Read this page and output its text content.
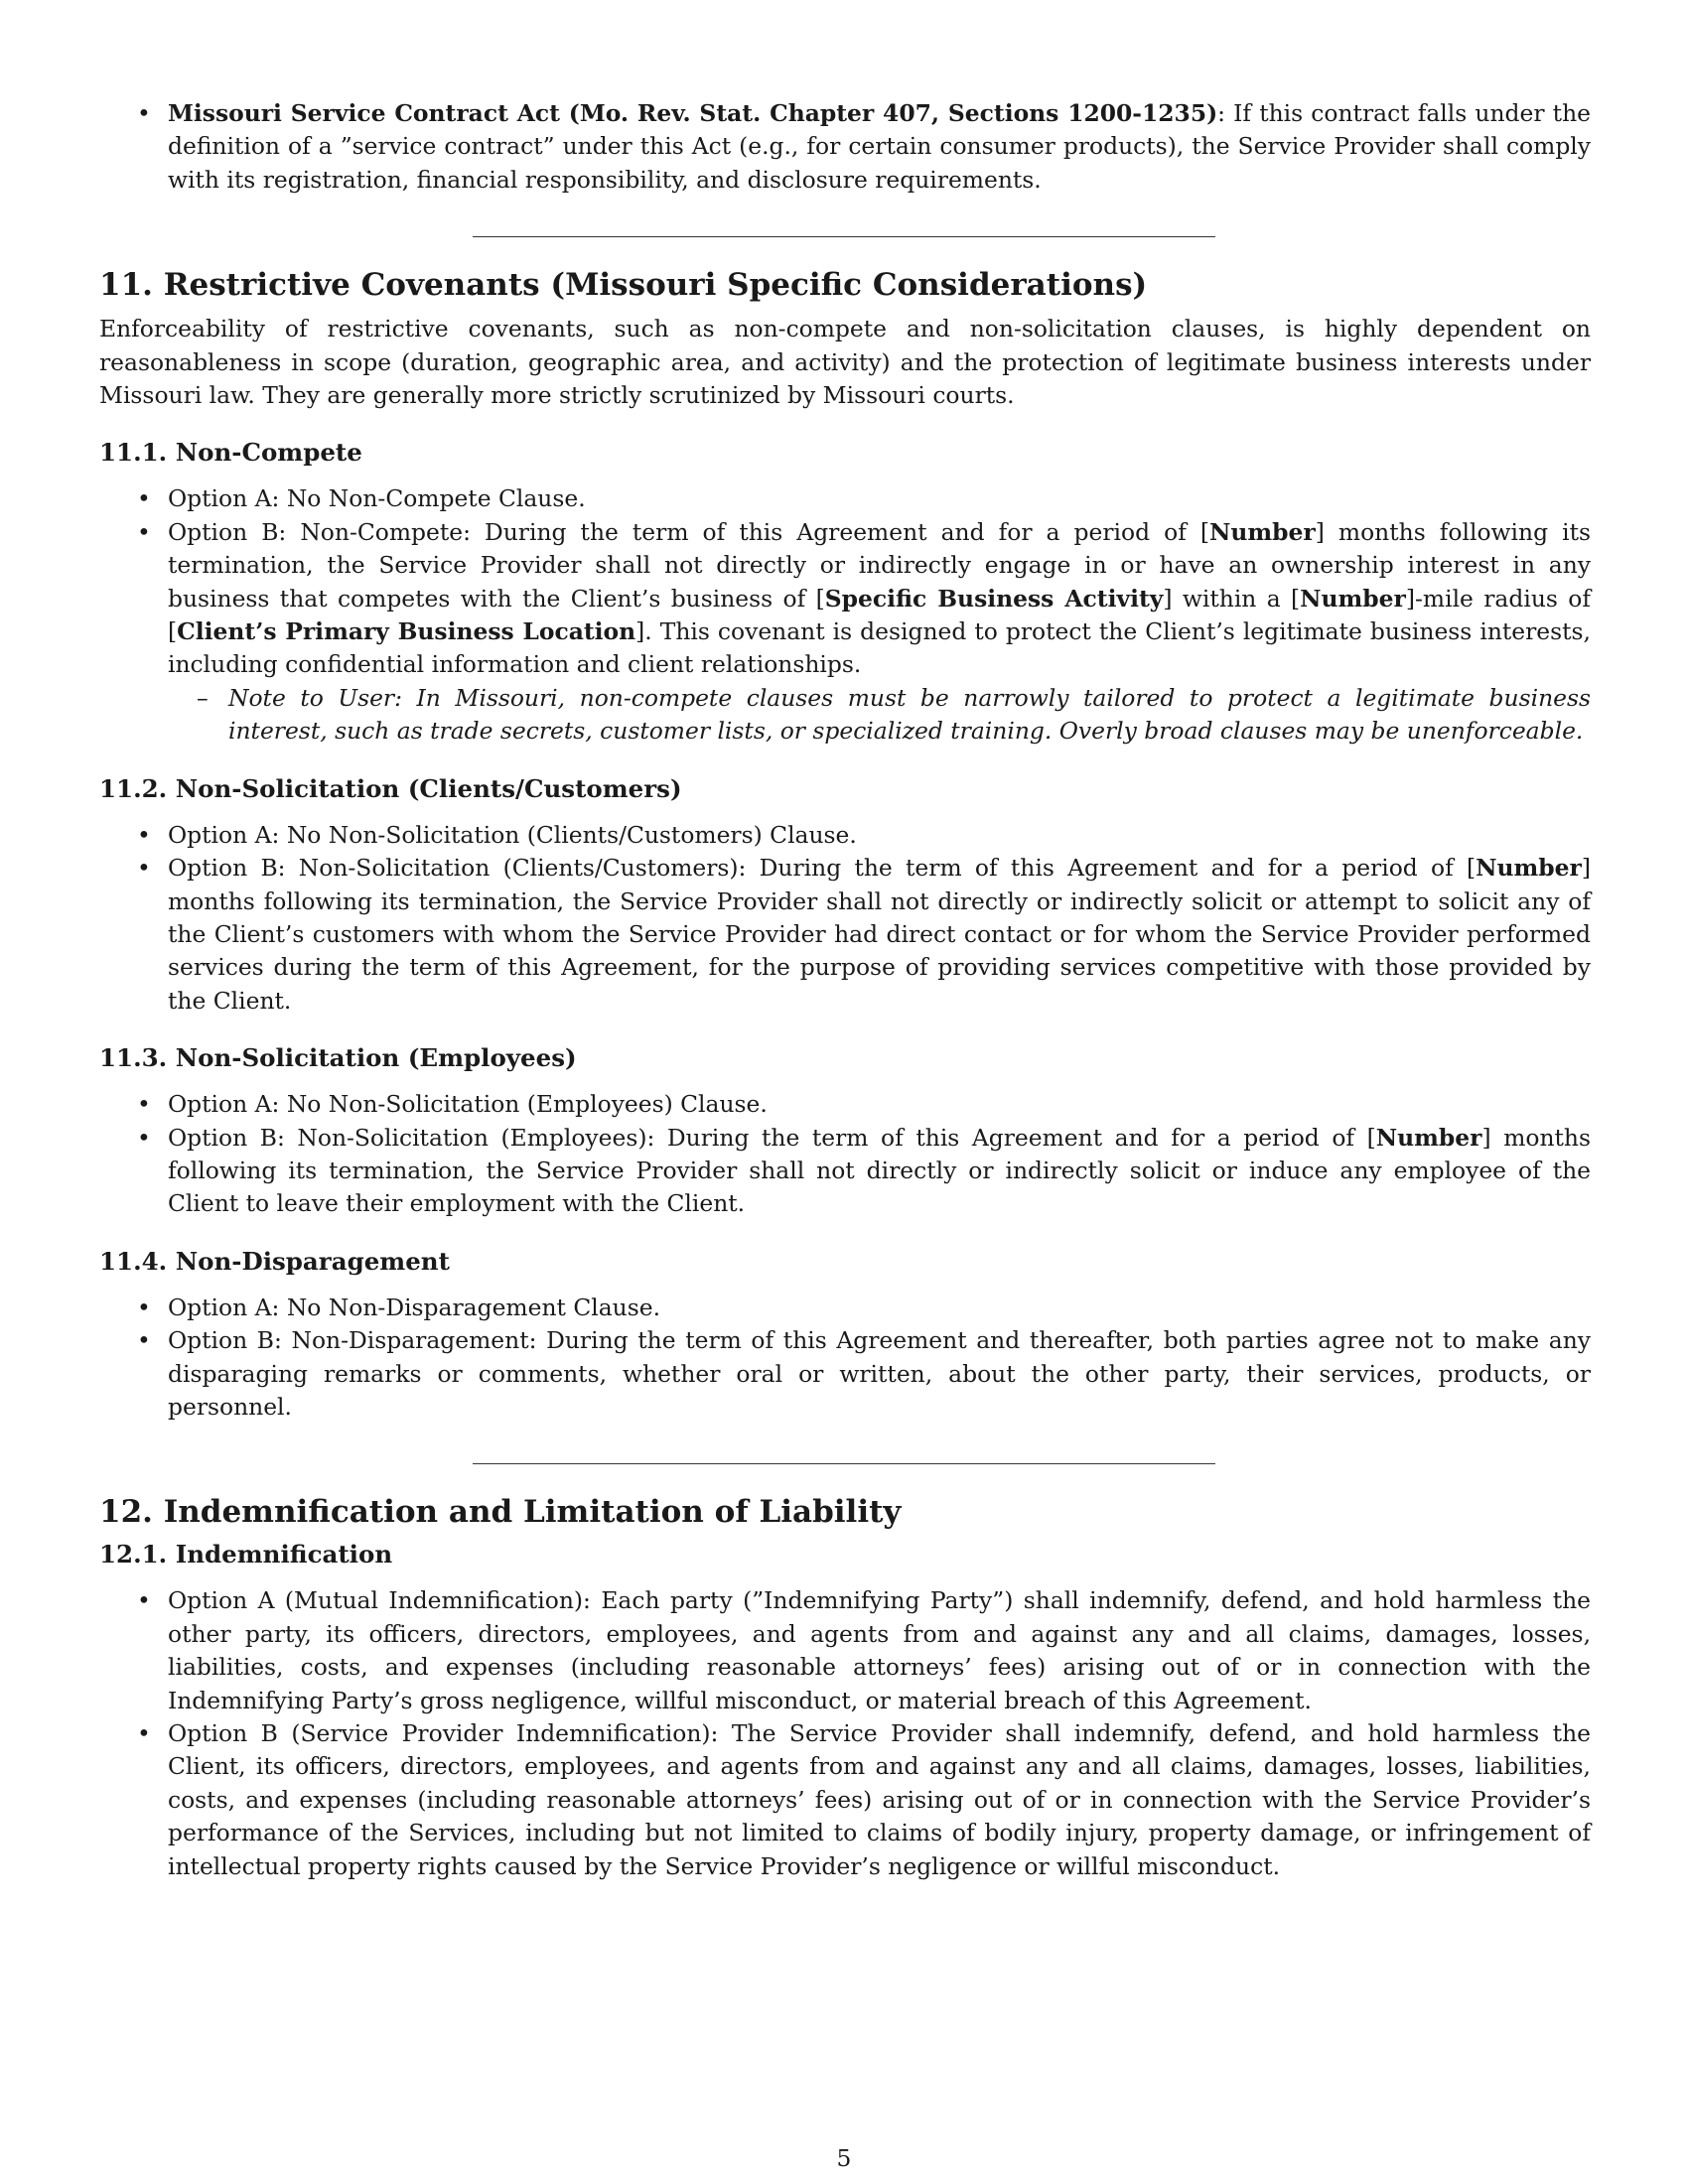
• Missouri Service Contract Act (Mo. Rev. Stat. Chapter 407, Sections 1200-1235): If this contract falls under the definition of a ”service contract” under this Act (e.g., for certain consumer products), the Service Provider shall comply with its registration, financial responsibility, and disclosure requirements.
11. Restrictive Covenants (Missouri Specific Considerations)

Enforceability of restrictive covenants, such as non-compete and non-solicitation clauses, is highly dependent on reasonableness in scope (duration, geographic area, and activity) and the protection of legitimate business interests under Missouri law. They are generally more strictly scrutinized by Missouri courts.

11.1. Non-Compete
• Option A: No Non-Compete Clause.
• Option B: Non-Compete: During the term of this Agreement and for a period of [Number] months following its termination, the Service Provider shall not directly or indirectly engage in or have an ownership interest in any business that competes with the Client’s business of [Specific Business Activity] within a [Number]-mile radius of [Client’s Primary Business Location]. This covenant is designed to protect the Client’s legitimate business interests, including confidential information and client relationships.
– Note to User: In Missouri, non-compete clauses must be narrowly tailored to protect a legitimate business interest, such as trade secrets, customer lists, or specialized training. Overly broad clauses may be unenforceable.
11.2. Non-Solicitation (Clients/Customers)
• Option A: No Non-Solicitation (Clients/Customers) Clause.
• Option B: Non-Solicitation (Clients/Customers): During the term of this Agreement and for a period of [Number] months following its termination, the Service Provider shall not directly or indirectly solicit or attempt to solicit any of the Client’s customers with whom the Service Provider had direct contact or for whom the Service Provider performed services during the term of this Agreement, for the purpose of providing services competitive with those provided by the Client.
11.3. Non-Solicitation (Employees)
• Option A: No Non-Solicitation (Employees) Clause.
• Option B: Non-Solicitation (Employees): During the term of this Agreement and for a period of [Number] months following its termination, the Service Provider shall not directly or indirectly solicit or induce any employee of the Client to leave their employment with the Client.
11.4. Non-Disparagement
• Option A: No Non-Disparagement Clause.
• Option B: Non-Disparagement: During the term of this Agreement and thereafter, both parties agree not to make any disparaging remarks or comments, whether oral or written, about the other party, their services, products, or personnel.
12. Indemnification and Limitation of Liability
12.1. Indemnification
• Option A (Mutual Indemnification): Each party (”Indemnifying Party”) shall indemnify, defend, and hold harmless the other party, its officers, directors, employees, and agents from and against any and all claims, damages, losses, liabilities, costs, and expenses (including reasonable attorneys’ fees) arising out of or in connection with the Indemnifying Party’s gross negligence, willful misconduct, or material breach of this Agreement.
• Option B (Service Provider Indemnification): The Service Provider shall indemnify, defend, and hold harmless the Client, its officers, directors, employees, and agents from and against any and all claims, damages, losses, liabilities, costs, and expenses (including reasonable attorneys’ fees) arising out of or in connection with the Service Provider’s performance of the Services, including but not limited to claims of bodily injury, property damage, or infringement of intellectual property rights caused by the Service Provider’s negligence or willful misconduct.
5
